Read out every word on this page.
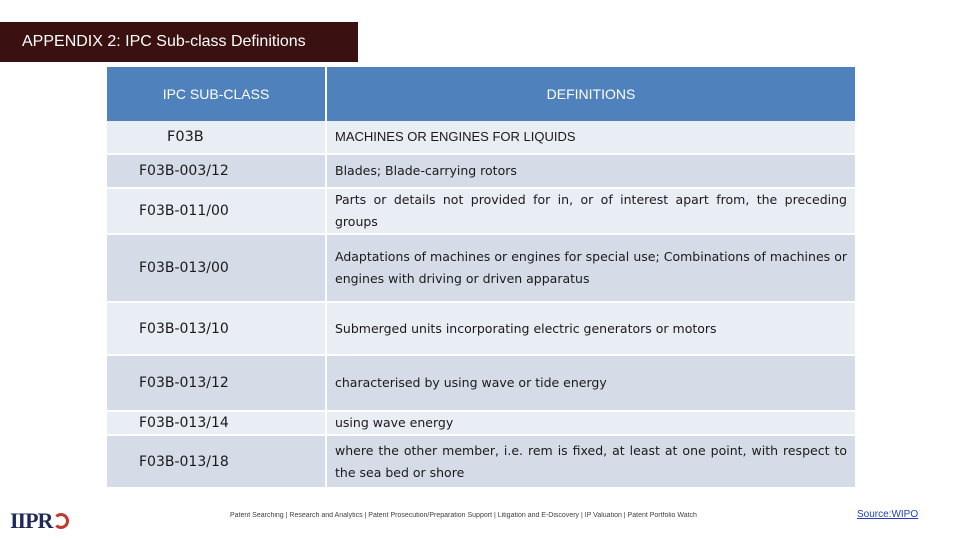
APPENDIX 2: IPC Sub-class Definitions
IPC SUB-CLASS	DEFINITIONS
F03B	MACHINES OR ENGINES FOR LIQUIDS
F03B-003/12	Blades; Blade-carrying rotors
F03B-011/00	Parts or details not provided for in, or of interest apart from, the preceding groups
F03B-013/00	Adaptations of machines or engines for special use; Combinations of machines or engines with driving or driven apparatus
F03B-013/10	Submerged units incorporating electric generators or motors
F03B-013/12	characterised by using wave or tide energy
F03B-013/14	using wave energy
F03B-013/18	where the other member, i.e. rem is fixed, at least at one point, with respect to the sea bed or shore
IIPR	Patent Searching | Research and Analytics | Patent Prosecution/Preparation Support | Litigation and E-Discovery | IP Valuation | Patent Portfolio Watch	Source:WIPO
